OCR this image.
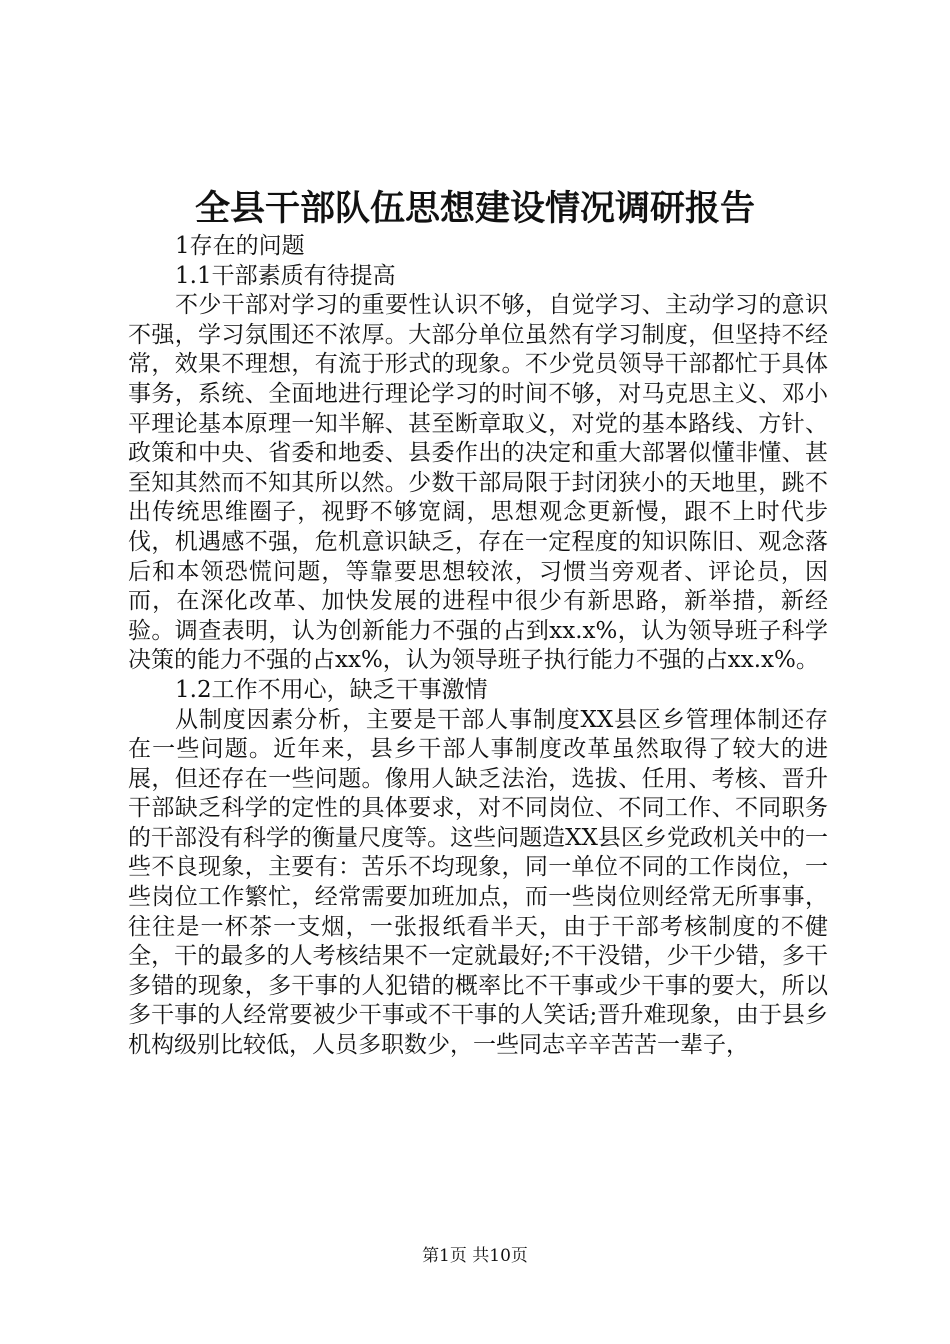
全县干部队伍思想建设情况调研报告

1存在的问题

1.1干部素质有待提高

不少干部对学习的重要性认识不够，自觉学习、主动学习的意识不强，学习氛围还不浓厚。大部分单位虽然有学习制度，但坚持不经常，效果不理想，有流于形式的现象。不少党员领导干部都忙于具体事务，系统、全面地进行理论学习的时间不够，对马克思主义、邓小平理论基本原理一知半解、甚至断章取义，对党的基本路线、方针、政策和中央、省委和地委、县委作出的决定和重大部署似懂非懂、甚至知其然而不知其所以然。少数干部局限于封闭狭小的天地里，跳不出传统思维圈子，视野不够宽阔，思想观念更新慢，跟不上时代步伐，机遇感不强，危机意识缺乏，存在一定程度的知识陈旧、观念落后和本领恐慌问题，等靠要思想较浓，习惯当旁观者、评论员，因而，在深化改革、加快发展的进程中很少有新思路，新举措，新经验。调查表明，认为创新能力不强的占到xx.x%，认为领导班子科学决策的能力不强的占xx%，认为领导班子执行能力不强的占xx.x%。

1.2工作不用心，缺乏干事激情

从制度因素分析，主要是干部人事制度XX县区乡管理体制还存在一些问题。近年来，县乡干部人事制度改革虽然取得了较大的进展，但还存在一些问题。像用人缺乏法治，选拔、任用、考核、晋升干部缺乏科学的定性的具体要求，对不同岗位、不同工作、不同职务的干部没有科学的衡量尺度等。这些问题造XX县区乡党政机关中的一些不良现象，主要有：苦乐不均现象，同一单位不同的工作岗位，一些岗位工作繁忙，经常需要加班加点，而一些岗位则经常无所事事，往往是一杯茶一支烟，一张报纸看半天，由于干部考核制度的不健全，干的最多的人考核结果不一定就最好;不干没错，少干少错，多干多错的现象，多干事的人犯错的概率比不干事或少干事的要大，所以多干事的人经常要被少干事或不干事的人笑话;晋升难现象，由于县乡机构级别比较低，人员多职数少，一些同志辛辛苦苦一辈子，

第1页 共10页
